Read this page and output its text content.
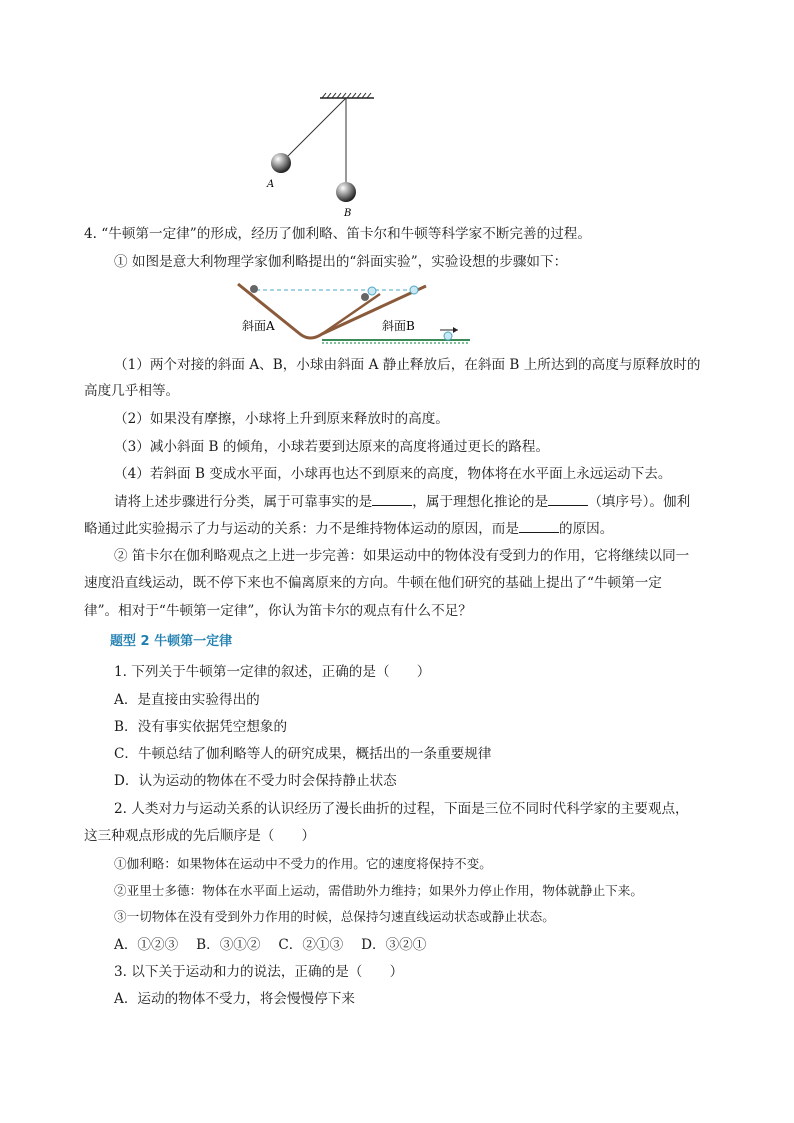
A
B
4. “牛顿第一定律”的形成，经历了伽利略、笛卡尔和牛顿等科学家不断完善的过程。
① 如图是意大利物理学家伽利略提出的“斜面实验”，实验设想的步骤如下：
斜面A	斜面B
（1）两个对接的斜面 A、B，小球由斜面 A 静止释放后，在斜面 B 上所达到的高度与原释放时的
高度几乎相等。
（2）如果没有摩擦，小球将上升到原来释放时的高度。
（3）减小斜面 B 的倾角，小球若要到达原来的高度将通过更长的路程。
（4）若斜面 B 变成水平面，小球再也达不到原来的高度，物体将在水平面上永远运动下去。
请将上述步骤进行分类，属于可靠事实的是	，属于理想化推论的是	（填序号）。伽利
略通过此实验揭示了力与运动的关系：力不是维持物体运动的原因，而是	的原因。
② 笛卡尔在伽利略观点之上进一步完善：如果运动中的物体没有受到力的作用，它将继续以同一
速度沿直线运动，既不停下来也不偏离原来的方向。牛顿在他们研究的基础上提出了“牛顿第一定
律”。相对于“牛顿第一定律”，你认为笛卡尔的观点有什么不足？
题型 2 牛顿第一定律
1. 下列关于牛顿第一定律的叙述，正确的是（　　）
A．是直接由实验得出的
B．没有事实依据凭空想象的
C．牛顿总结了伽利略等人的研究成果，概括出的一条重要规律
D．认为运动的物体在不受力时会保持静止状态
2. 人类对力与运动关系的认识经历了漫长曲折的过程，下面是三位不同时代科学家的主要观点，
这三种观点形成的先后顺序是（　　）
①伽利略：如果物体在运动中不受力的作用。它的速度将保持不变。
②亚里士多德：物体在水平面上运动，需借助外力维持；如果外力停止作用，物体就静止下来。
③一切物体在没有受到外力作用的时候，总保持匀速直线运动状态或静止状态。
A．①②③　 B．③①②　 C．②①③　 D．③②①
3. 以下关于运动和力的说法，正确的是（　　）
A．运动的物体不受力，将会慢慢停下来
